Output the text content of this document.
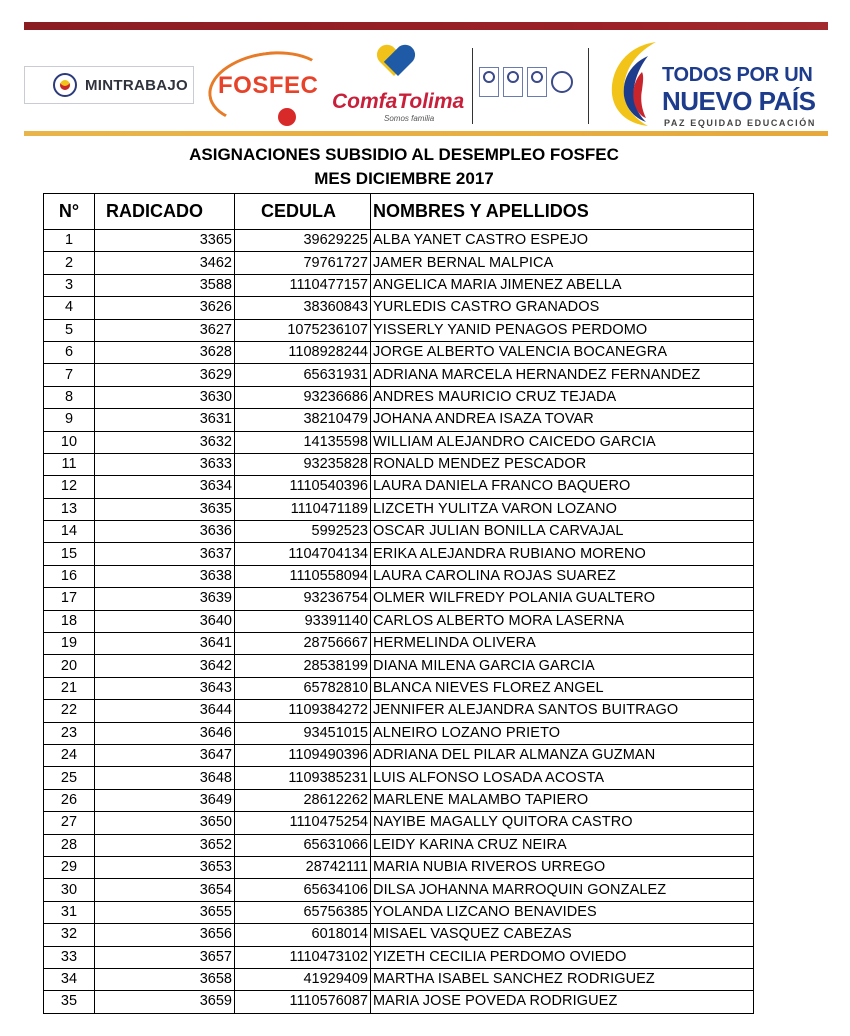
MINTRABAJO FOSFEC
ComfaTolima
Somos familia
TODOS POR UN
NUEVO PAÍS
PAZ EQUIDAD EDUCACIÓN
ASIGNACIONES SUBSIDIO AL DESEMPLEO FOSFEC
MES DICIEMBRE 2017
N°	RADICADO	CEDULA	NOMBRES Y APELLIDOS
1	3365	39629225	ALBA YANET CASTRO ESPEJO
2	3462	79761727	JAMER BERNAL MALPICA
3	3588	1110477157	ANGELICA MARIA JIMENEZ ABELLA
4	3626	38360843	YURLEDIS CASTRO GRANADOS
5	3627	1075236107	YISSERLY YANID PENAGOS PERDOMO
6	3628	1108928244	JORGE ALBERTO VALENCIA BOCANEGRA
7	3629	65631931	ADRIANA MARCELA HERNANDEZ FERNANDEZ
8	3630	93236686	ANDRES MAURICIO CRUZ TEJADA
9	3631	38210479	JOHANA ANDREA ISAZA TOVAR
10	3632	14135598	WILLIAM ALEJANDRO CAICEDO GARCIA
11	3633	93235828	RONALD MENDEZ PESCADOR
12	3634	1110540396	LAURA DANIELA FRANCO BAQUERO
13	3635	1110471189	LIZCETH YULITZA VARON LOZANO
14	3636	5992523	OSCAR JULIAN BONILLA CARVAJAL
15	3637	1104704134	ERIKA ALEJANDRA RUBIANO MORENO
16	3638	1110558094	LAURA CAROLINA ROJAS SUAREZ
17	3639	93236754	OLMER WILFREDY POLANIA GUALTERO
18	3640	93391140	CARLOS ALBERTO MORA LASERNA
19	3641	28756667	HERMELINDA OLIVERA
20	3642	28538199	DIANA MILENA GARCIA GARCIA
21	3643	65782810	BLANCA NIEVES FLOREZ ANGEL
22	3644	1109384272	JENNIFER ALEJANDRA SANTOS BUITRAGO
23	3646	93451015	ALNEIRO LOZANO PRIETO
24	3647	1109490396	ADRIANA DEL PILAR ALMANZA GUZMAN
25	3648	1109385231	LUIS ALFONSO LOSADA ACOSTA
26	3649	28612262	MARLENE MALAMBO TAPIERO
27	3650	1110475254	NAYIBE MAGALLY QUITORA CASTRO
28	3652	65631066	LEIDY KARINA CRUZ NEIRA
29	3653	28742111	MARIA NUBIA RIVEROS URREGO
30	3654	65634106	DILSA JOHANNA MARROQUIN GONZALEZ
31	3655	65756385	YOLANDA LIZCANO BENAVIDES
32	3656	6018014	MISAEL VASQUEZ CABEZAS
33	3657	1110473102	YIZETH CECILIA PERDOMO OVIEDO
34	3658	41929409	MARTHA ISABEL SANCHEZ RODRIGUEZ
35	3659	1110576087	MARIA JOSE POVEDA RODRIGUEZ
